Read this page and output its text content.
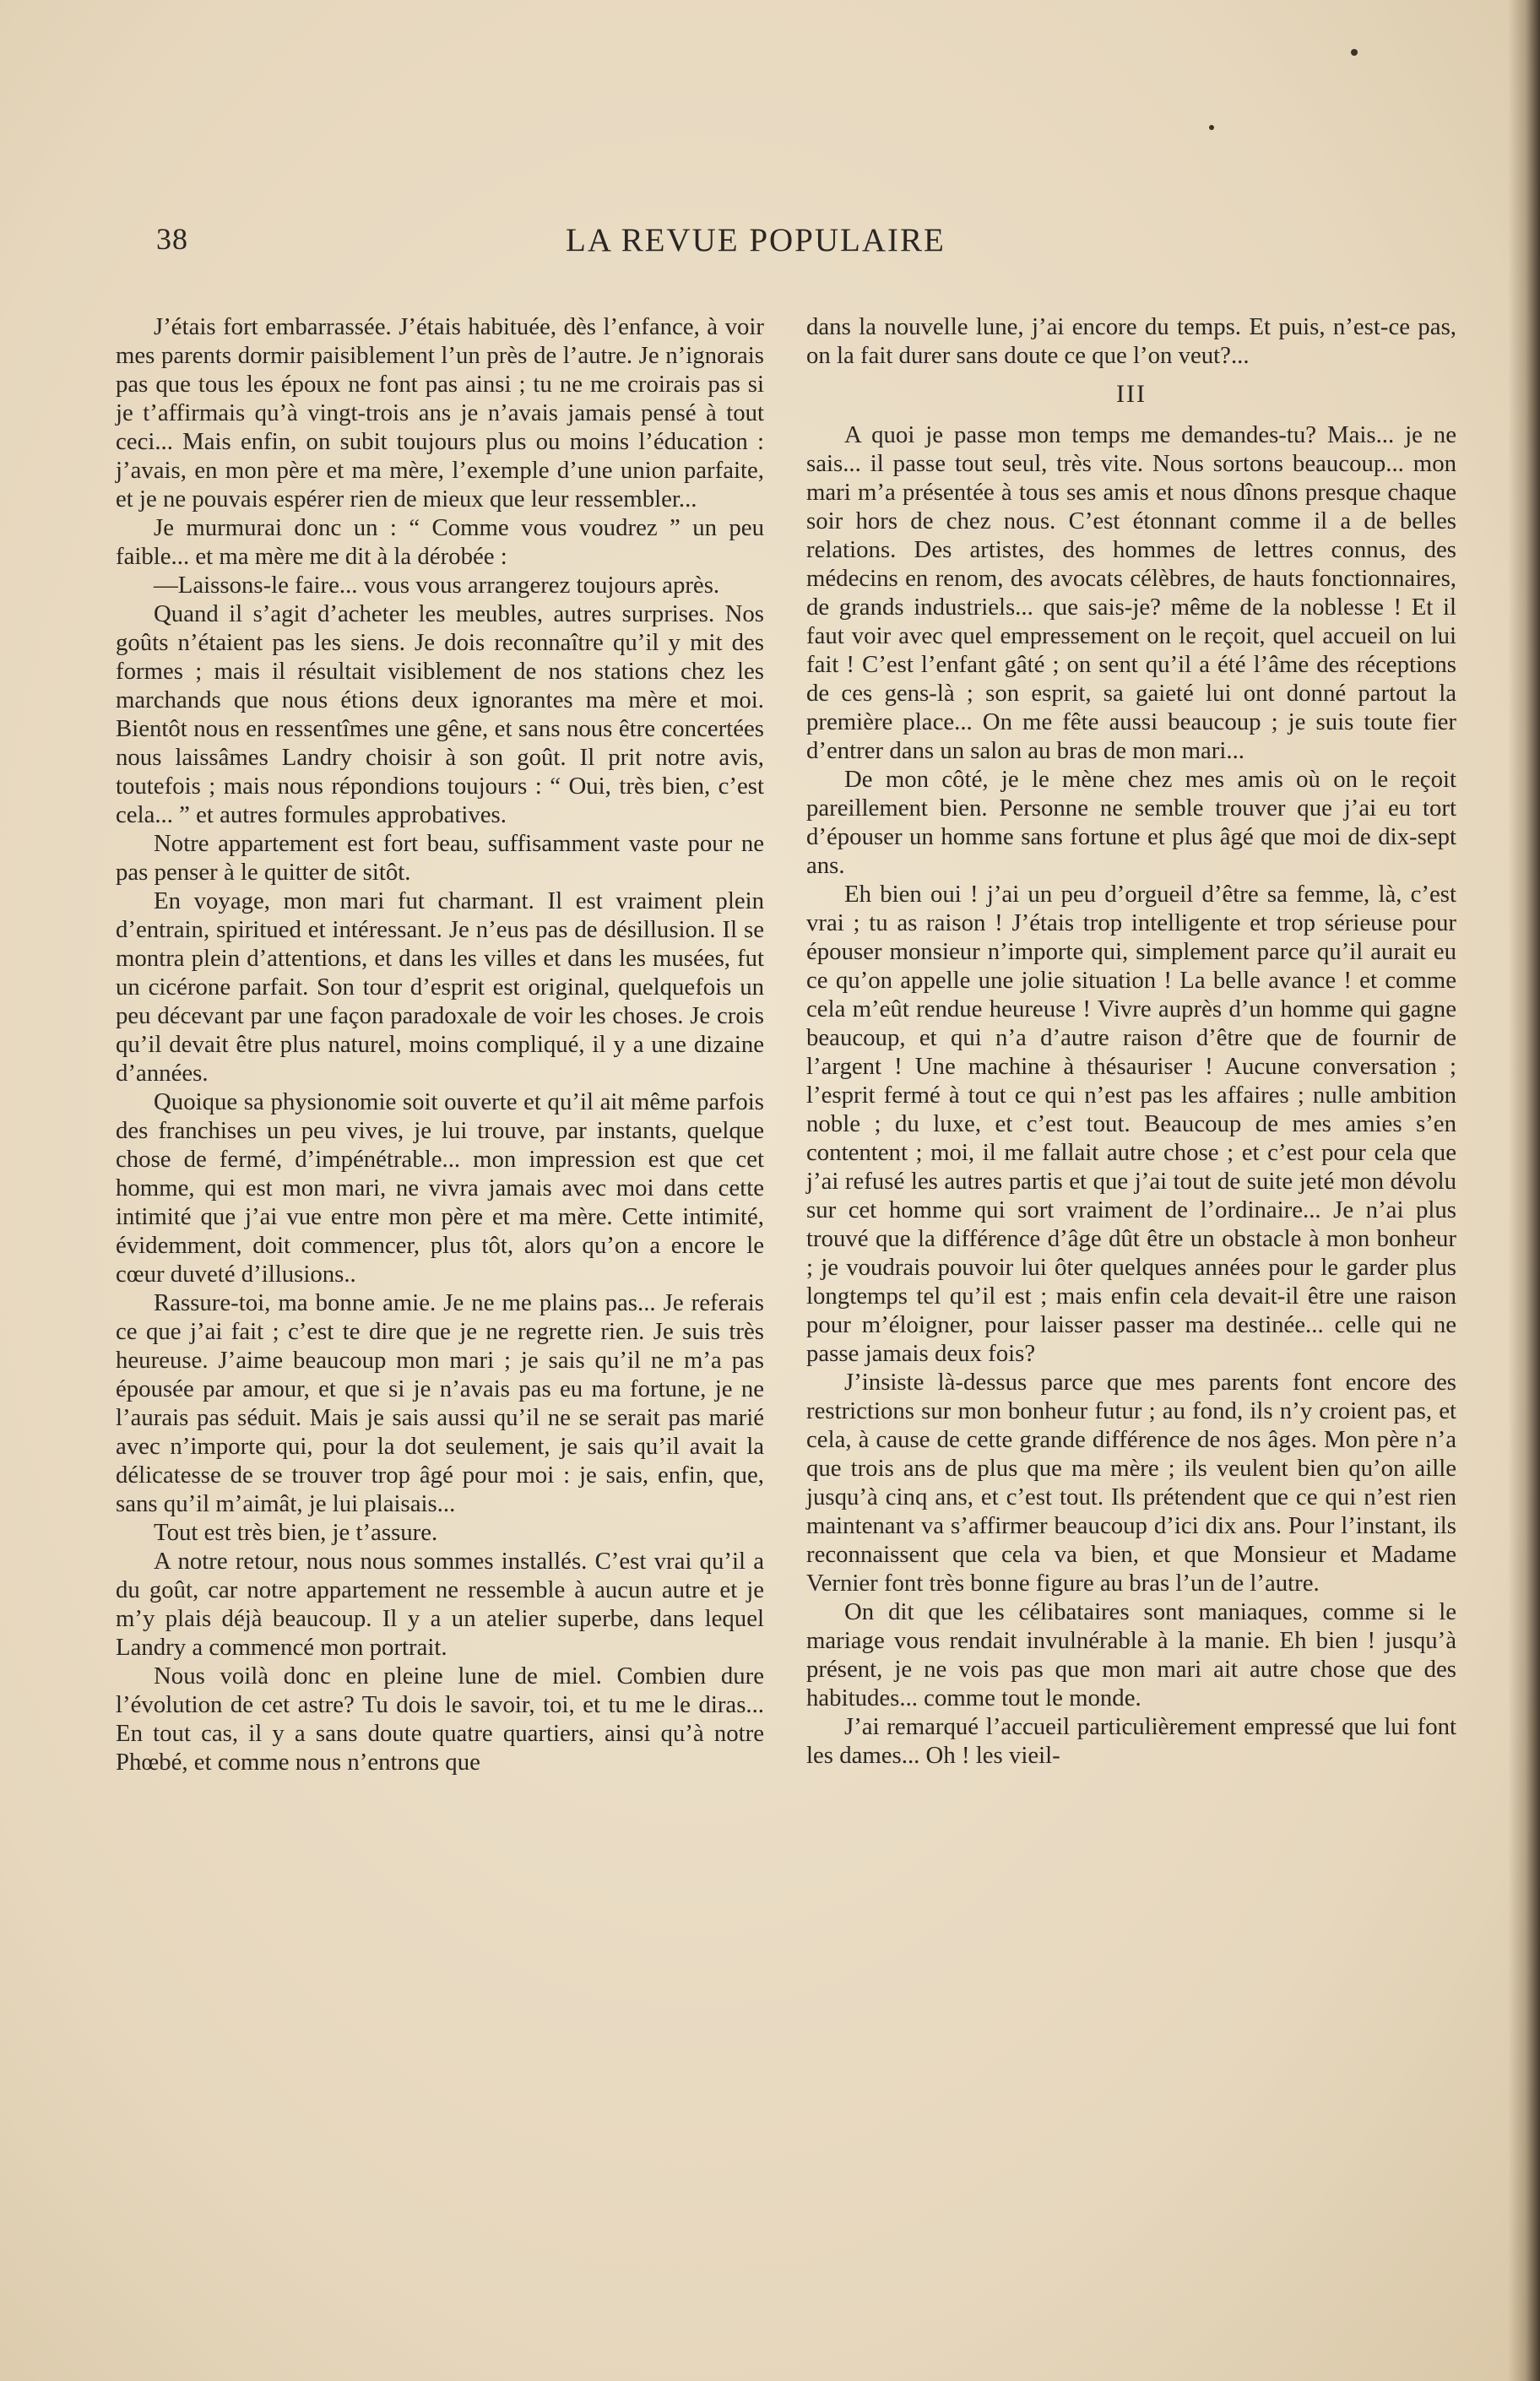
38	LA REVUE POPULAIRE

J’étais fort embarrassée. J’étais habituée, dès l’enfance, à voir mes parents dormir paisiblement l’un près de l’autre. Je n’ignorais pas que tous les époux ne font pas ainsi ; tu ne me croirais pas si je t’affirmais qu’à vingt-trois ans je n’avais jamais pensé à tout ceci... Mais enfin, on subit toujours plus ou moins l’éducation : j’avais, en mon père et ma mère, l’exemple d’une union parfaite, et je ne pouvais espérer rien de mieux que leur ressembler...

Je murmurai donc un : “ Comme vous voudrez ” un peu faible... et ma mère me dit à la dérobée :

—Laissons-le faire... vous vous arrangerez toujours après.

Quand il s’agit d’acheter les meubles, autres surprises. Nos goûts n’étaient pas les siens. Je dois reconnaître qu’il y mit des formes ; mais il résultait visiblement de nos stations chez les marchands que nous étions deux ignorantes ma mère et moi. Bientôt nous en ressentîmes une gêne, et sans nous être concertées nous laissâmes Landry choisir à son goût. Il prit notre avis, toutefois ; mais nous répondions toujours : “ Oui, très bien, c’est cela... ” et autres formules approbatives.

Notre appartement est fort beau, suffisamment vaste pour ne pas penser à le quitter de sitôt.

En voyage, mon mari fut charmant. Il est vraiment plein d’entrain, spiritued et intéressant. Je n’eus pas de désillusion. Il se montra plein d’attentions, et dans les villes et dans les musées, fut un cicérone parfait. Son tour d’esprit est original, quelquefois un peu décevant par une façon paradoxale de voir les choses. Je crois qu’il devait être plus naturel, moins compliqué, il y a une dizaine d’années.

Quoique sa physionomie soit ouverte et qu’il ait même parfois des franchises un peu vives, je lui trouve, par instants, quelque chose de fermé, d’impénétrable... mon impression est que cet homme, qui est mon mari, ne vivra jamais avec moi dans cette intimité que j’ai vue entre mon père et ma mère. Cette intimité, évidemment, doit commencer, plus tôt, alors qu’on a encore le cœur duveté d’illusions..

Rassure-toi, ma bonne amie. Je ne me plains pas... Je referais ce que j’ai fait ; c’est te dire que je ne regrette rien. Je suis très heureuse. J’aime beaucoup mon mari ; je sais qu’il ne m’a pas épousée par amour, et que si je n’avais pas eu ma fortune, je ne l’aurais pas séduit. Mais je sais aussi qu’il ne se serait pas marié avec n’importe qui, pour la dot seulement, je sais qu’il avait la délicatesse de se trouver trop âgé pour moi : je sais, enfin, que, sans qu’il m’aimât, je lui plaisais...

Tout est très bien, je t’assure.

A notre retour, nous nous sommes installés. C’est vrai qu’il a du goût, car notre appartement ne ressemble à aucun autre et je m’y plais déjà beaucoup. Il y a un atelier superbe, dans lequel Landry a commencé mon portrait.

Nous voilà donc en pleine lune de miel. Combien dure l’évolution de cet astre? Tu dois le savoir, toi, et tu me le diras... En tout cas, il y a sans doute quatre quartiers, ainsi qu’à notre Phœbé, et comme nous n’entrons que

dans la nouvelle lune, j’ai encore du temps. Et puis, n’est-ce pas, on la fait durer sans doute ce que l’on veut?...

III

A quoi je passe mon temps me demandes-tu? Mais... je ne sais... il passe tout seul, très vite. Nous sortons beaucoup... mon mari m’a présentée à tous ses amis et nous dînons presque chaque soir hors de chez nous. C’est étonnant comme il a de belles relations. Des artistes, des hommes de lettres connus, des médecins en renom, des avocats célèbres, de hauts fonctionnaires, de grands industriels... que sais-je? même de la noblesse ! Et il faut voir avec quel empressement on le reçoit, quel accueil on lui fait ! C’est l’enfant gâté ; on sent qu’il a été l’âme des réceptions de ces gens-là ; son esprit, sa gaieté lui ont donné partout la première place... On me fête aussi beaucoup ; je suis toute fier d’entrer dans un salon au bras de mon mari...

De mon côté, je le mène chez mes amis où on le reçoit pareillement bien. Personne ne semble trouver que j’ai eu tort d’épouser un homme sans fortune et plus âgé que moi de dix-sept ans.

Eh bien oui ! j’ai un peu d’orgueil d’être sa femme, là, c’est vrai ; tu as raison ! J’étais trop intelligente et trop sérieuse pour épouser monsieur n’importe qui, simplement parce qu’il aurait eu ce qu’on appelle une jolie situation ! La belle avance ! et comme cela m’eût rendue heureuse ! Vivre auprès d’un homme qui gagne beaucoup, et qui n’a d’autre raison d’être que de fournir de l’argent ! Une machine à thésauriser ! Aucune conversation ; l’esprit fermé à tout ce qui n’est pas les affaires ; nulle ambition noble ; du luxe, et c’est tout. Beaucoup de mes amies s’en contentent ; moi, il me fallait autre chose ; et c’est pour cela que j’ai refusé les autres partis et que j’ai tout de suite jeté mon dévolu sur cet homme qui sort vraiment de l’ordinaire... Je n’ai plus trouvé que la différence d’âge dût être un obstacle à mon bonheur ; je voudrais pouvoir lui ôter quelques années pour le garder plus longtemps tel qu’il est ; mais enfin cela devait-il être une raison pour m’éloigner, pour laisser passer ma destinée... celle qui ne passe jamais deux fois?

J’insiste là-dessus parce que mes parents font encore des restrictions sur mon bonheur futur ; au fond, ils n’y croient pas, et cela, à cause de cette grande différence de nos âges. Mon père n’a que trois ans de plus que ma mère ; ils veulent bien qu’on aille jusqu’à cinq ans, et c’est tout. Ils prétendent que ce qui n’est rien maintenant va s’affirmer beaucoup d’ici dix ans. Pour l’instant, ils reconnaissent que cela va bien, et que Monsieur et Madame Vernier font très bonne figure au bras l’un de l’autre.

On dit que les célibataires sont maniaques, comme si le mariage vous rendait invulnérable à la manie. Eh bien ! jusqu’à présent, je ne vois pas que mon mari ait autre chose que des habitudes... comme tout le monde.

J’ai remarqué l’accueil particulièrement empressé que lui font les dames... Oh ! les vieil-
